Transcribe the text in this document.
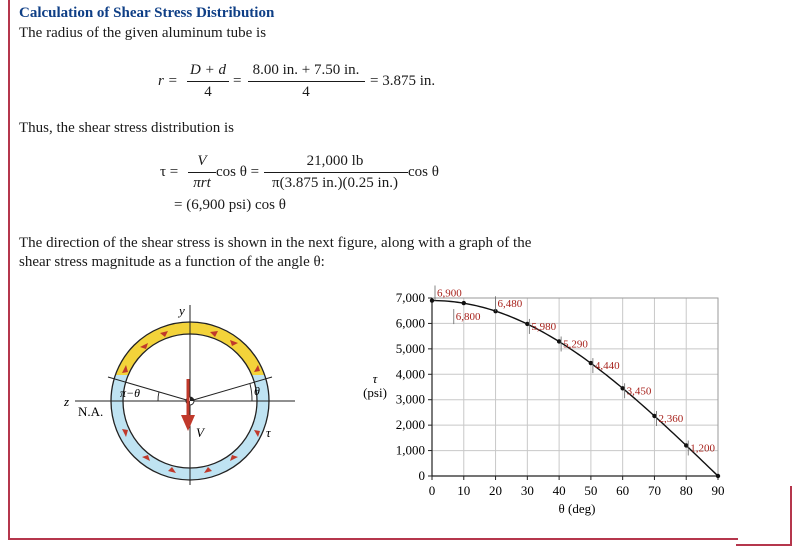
Calculation of Shear Stress Distribution
The radius of the given aluminum tube is
r =
D + d
4
=
8.00 in. + 7.50 in.
4
= 3.875 in.
Thus, the shear stress distribution is
τ =
V
πrt
cos θ =
21,000 lb
π(3.875 in.)(0.25 in.)
cos θ
= (6,900 psi) cos θ
The direction of the shear stress is shown in the next figure, along with a graph of the
shear stress magnitude as a function of the angle θ:
y
z
N.A.
V	τ
θ
π−θ
0 10 20 30 40 50 60 70 80 90
0
1,000
2,000
3,000
4,000
5,000
6,000
7,000 6,900
6,800
6,480
5,980
5,290
4,440
3,450
2,360
1,200
τ
(psi)
θ (deg)
